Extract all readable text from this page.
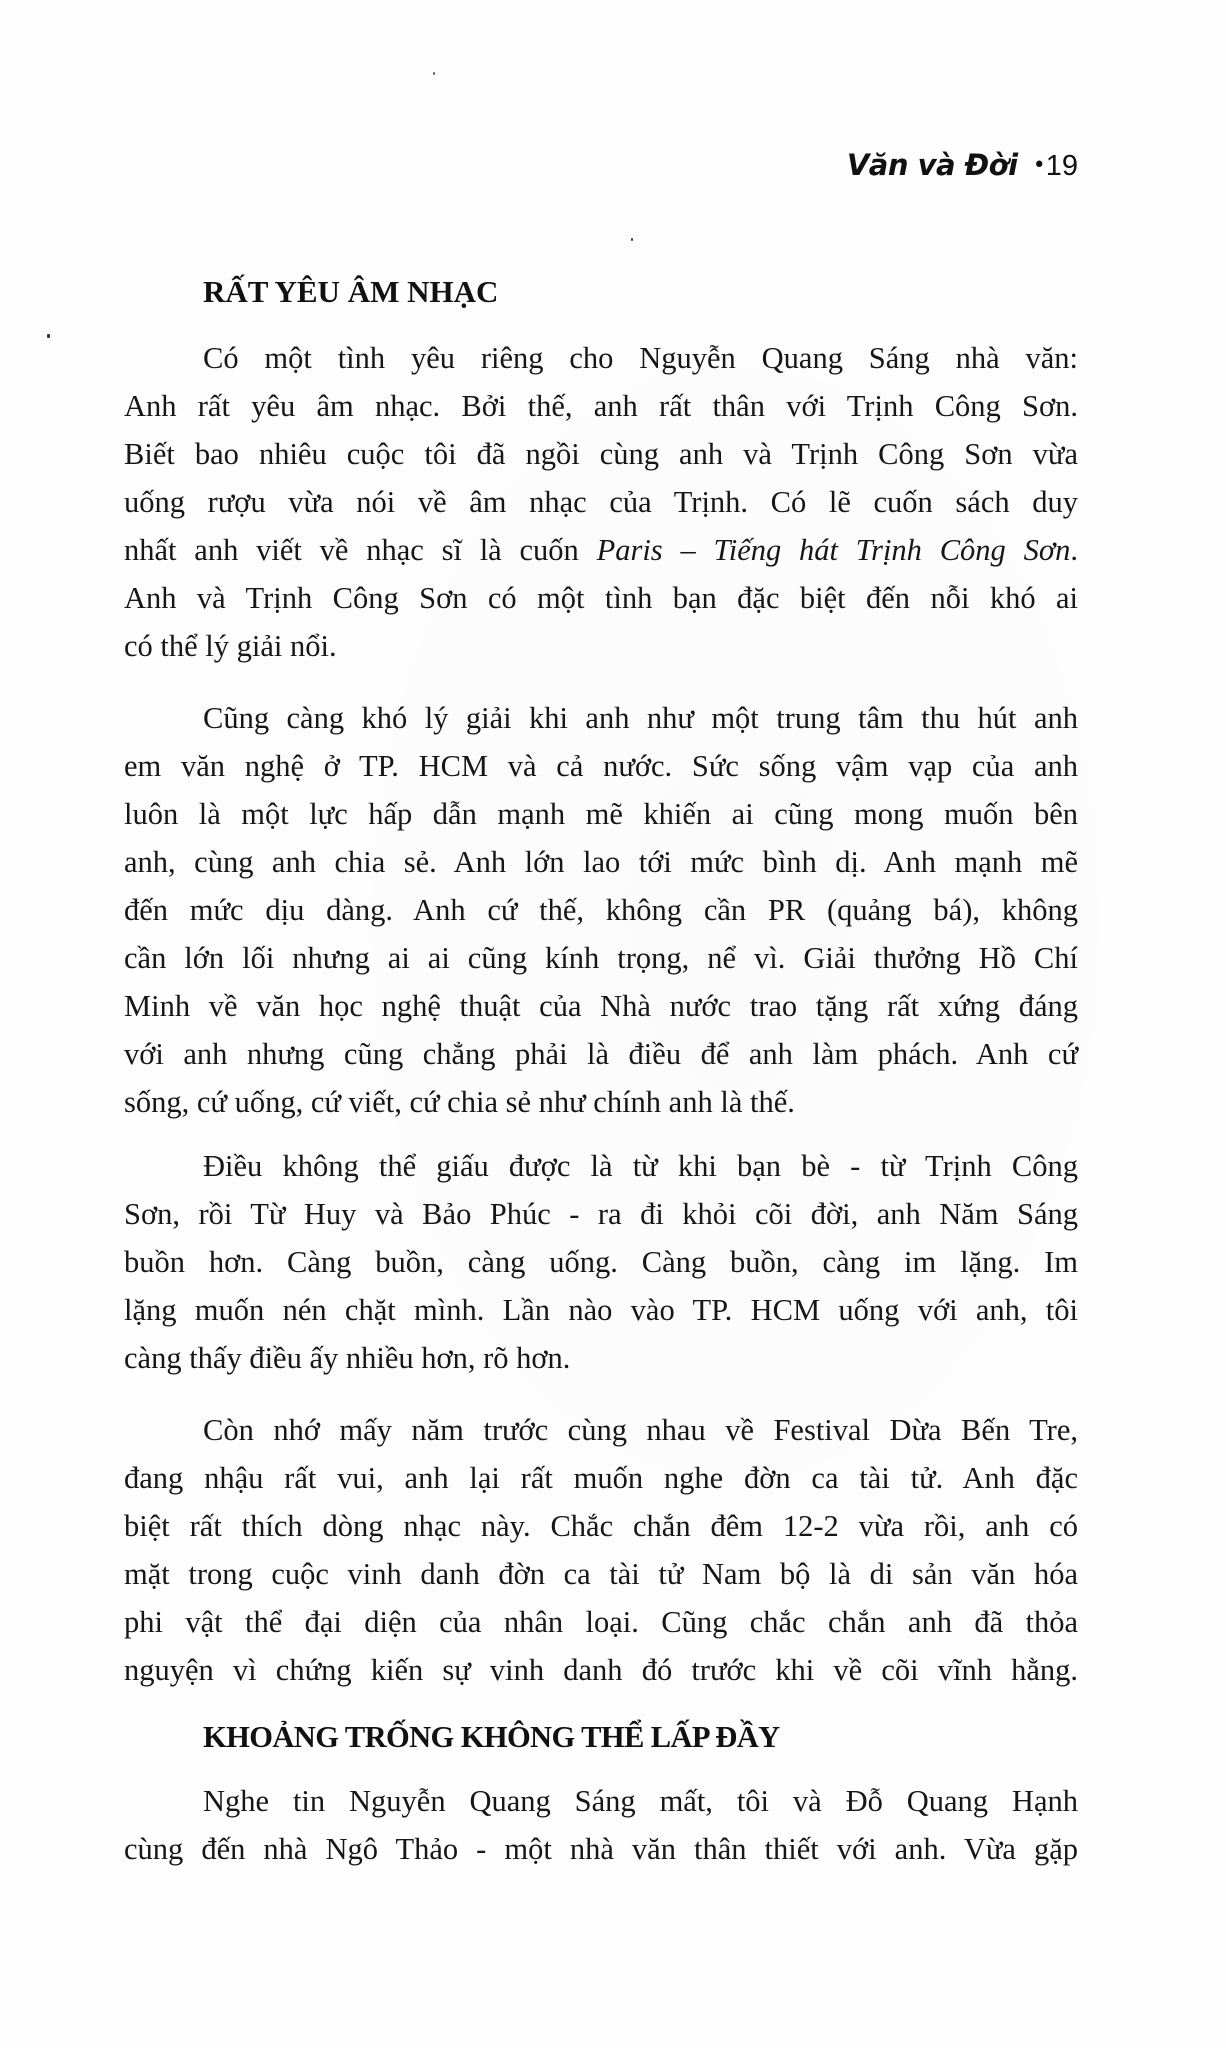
Văn và Đời •19
RẤT YÊU ÂM NHẠC
Có một tình yêu riêng cho Nguyễn Quang Sáng nhà văn:
Anh rất yêu âm nhạc. Bởi thế, anh rất thân với Trịnh Công Sơn.
Biết bao nhiêu cuộc tôi đã ngồi cùng anh và Trịnh Công Sơn vừa
uống rượu vừa nói về âm nhạc của Trịnh. Có lẽ cuốn sách duy
nhất anh viết về nhạc sĩ là cuốn Paris – Tiếng hát Trịnh Công Sơn.
Anh và Trịnh Công Sơn có một tình bạn đặc biệt đến nỗi khó ai
có thể lý giải nổi.
Cũng càng khó lý giải khi anh như một trung tâm thu hút anh
em văn nghệ ở TP. HCM và cả nước. Sức sống vậm vạp của anh
luôn là một lực hấp dẫn mạnh mẽ khiến ai cũng mong muốn bên
anh, cùng anh chia sẻ. Anh lớn lao tới mức bình dị. Anh mạnh mẽ
đến mức dịu dàng. Anh cứ thế, không cần PR (quảng bá), không
cần lớn lối nhưng ai ai cũng kính trọng, nể vì. Giải thưởng Hồ Chí
Minh về văn học nghệ thuật của Nhà nước trao tặng rất xứng đáng
với anh nhưng cũng chẳng phải là điều để anh làm phách. Anh cứ
sống, cứ uống, cứ viết, cứ chia sẻ như chính anh là thế.
Điều không thể giấu được là từ khi bạn bè - từ Trịnh Công
Sơn, rồi Từ Huy và Bảo Phúc - ra đi khỏi cõi đời, anh Năm Sáng
buồn hơn. Càng buồn, càng uống. Càng buồn, càng im lặng. Im
lặng muốn nén chặt mình. Lần nào vào TP. HCM uống với anh, tôi
càng thấy điều ấy nhiều hơn, rõ hơn.
Còn nhớ mấy năm trước cùng nhau về Festival Dừa Bến Tre,
đang nhậu rất vui, anh lại rất muốn nghe đờn ca tài tử. Anh đặc
biệt rất thích dòng nhạc này. Chắc chắn đêm 12-2 vừa rồi, anh có
mặt trong cuộc vinh danh đờn ca tài tử Nam bộ là di sản văn hóa
phi vật thể đại diện của nhân loại. Cũng chắc chắn anh đã thỏa
nguyện vì chứng kiến sự vinh danh đó trước khi về cõi vĩnh hằng.
KHOẢNG TRỐNG KHÔNG THỂ LẤP ĐẦY
Nghe tin Nguyễn Quang Sáng mất, tôi và Đỗ Quang Hạnh
cùng đến nhà Ngô Thảo - một nhà văn thân thiết với anh. Vừa gặp
